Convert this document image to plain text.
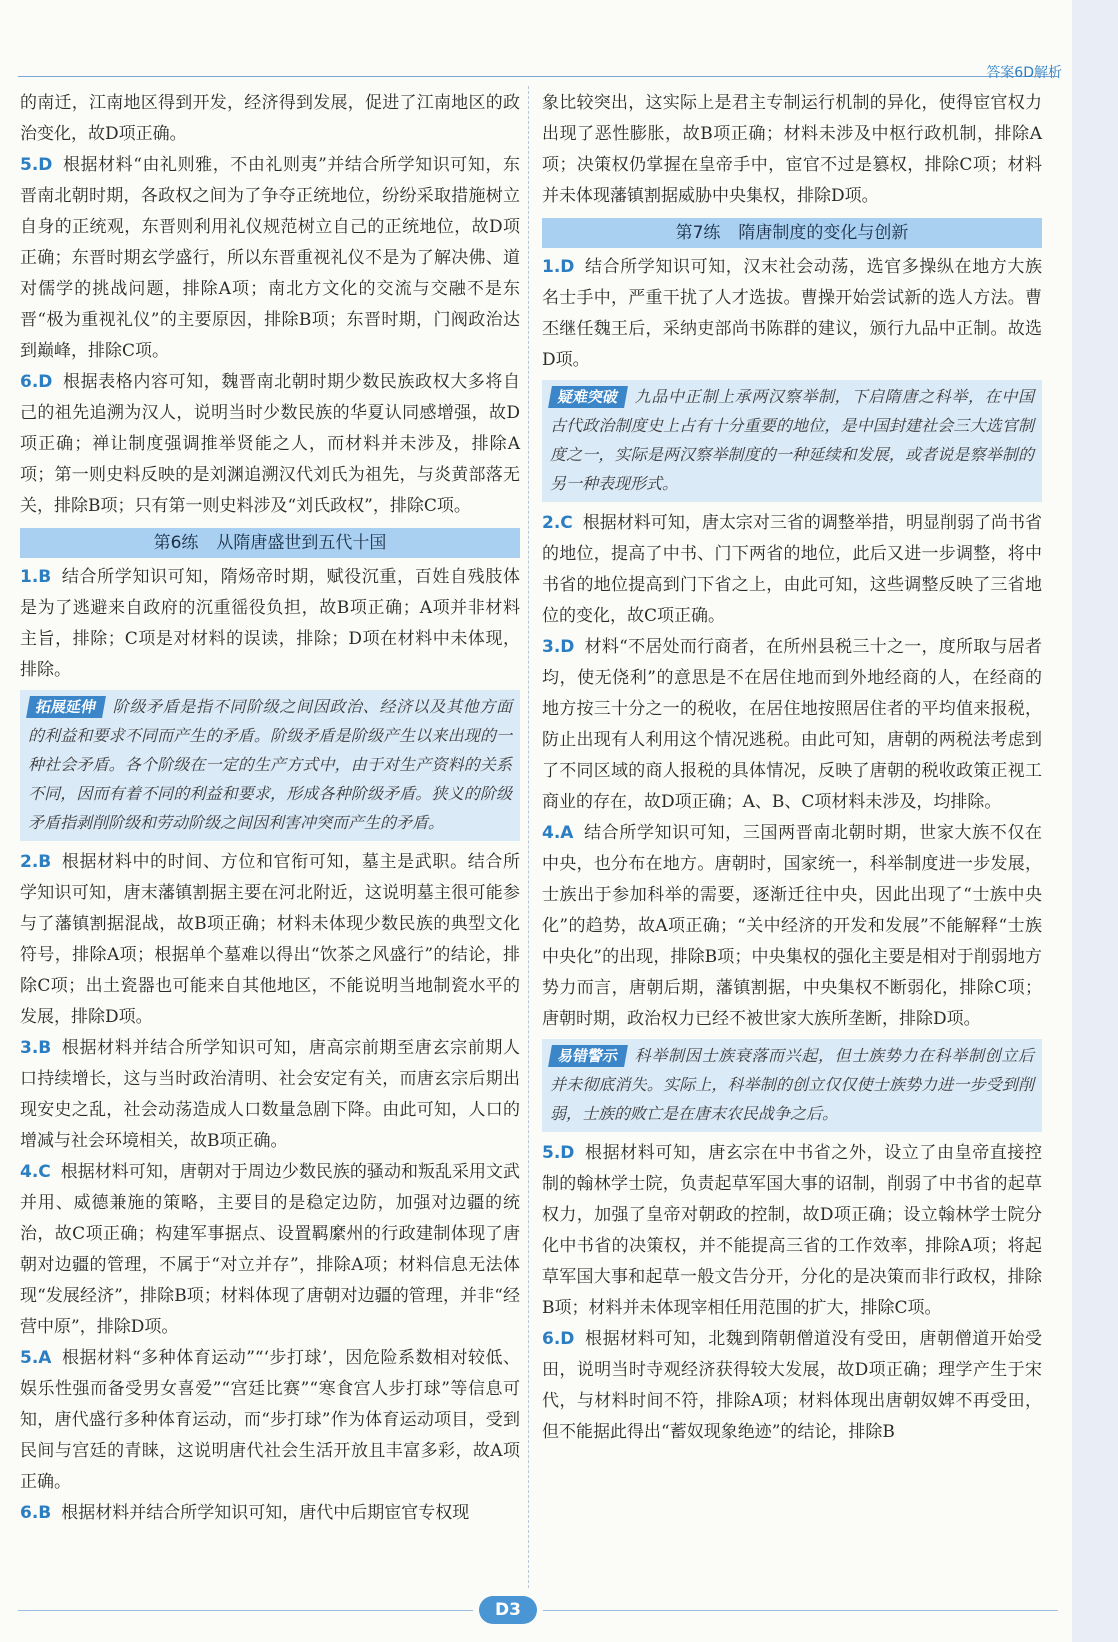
答案6D解析

的南迁，江南地区得到开发，经济得到发展，促进了江南地区的政治变化，故D项正确。

5.D 根据材料“由礼则雅，不由礼则夷”并结合所学知识可知，东晋南北朝时期，各政权之间为了争夺正统地位，纷纷采取措施树立自身的正统观，东晋则利用礼仪规范树立自己的正统地位，故D项正确；东晋时期玄学盛行，所以东晋重视礼仪不是为了解决佛、道对儒学的挑战问题，排除A项；南北方文化的交流与交融不是东晋“极为重视礼仪”的主要原因，排除B项；东晋时期，门阀政治达到巅峰，排除C项。

6.D 根据表格内容可知，魏晋南北朝时期少数民族政权大多将自己的祖先追溯为汉人，说明当时少数民族的华夏认同感增强，故D项正确；禅让制度强调推举贤能之人，而材料并未涉及，排除A项；第一则史料反映的是刘渊追溯汉代刘氏为祖先，与炎黄部落无关，排除B项；只有第一则史料涉及“刘氏政权”，排除C项。

第6练 从隋唐盛世到五代十国

1.B 结合所学知识可知，隋炀帝时期，赋役沉重，百姓自残肢体是为了逃避来自政府的沉重徭役负担，故B项正确；A项并非材料主旨，排除；C项是对材料的误读，排除；D项在材料中未体现，排除。

拓展延伸 阶级矛盾是指不同阶级之间因政治、经济以及其他方面的利益和要求不同而产生的矛盾。阶级矛盾是阶级产生以来出现的一种社会矛盾。各个阶级在一定的生产方式中，由于对生产资料的关系不同，因而有着不同的利益和要求，形成各种阶级矛盾。狭义的阶级矛盾指剥削阶级和劳动阶级之间因利害冲突而产生的矛盾。

2.B 根据材料中的时间、方位和官衔可知，墓主是武职。结合所学知识可知，唐末藩镇割据主要在河北附近，这说明墓主很可能参与了藩镇割据混战，故B项正确；材料未体现少数民族的典型文化符号，排除A项；根据单个墓难以得出“饮茶之风盛行”的结论，排除C项；出土瓷器也可能来自其他地区，不能说明当地制瓷水平的发展，排除D项。

3.B 根据材料并结合所学知识可知，唐高宗前期至唐玄宗前期人口持续增长，这与当时政治清明、社会安定有关，而唐玄宗后期出现安史之乱，社会动荡造成人口数量急剧下降。由此可知，人口的增减与社会环境相关，故B项正确。

4.C 根据材料可知，唐朝对于周边少数民族的骚动和叛乱采用文武并用、威德兼施的策略，主要目的是稳定边防，加强对边疆的统治，故C项正确；构建军事据点、设置羁縻州的行政建制体现了唐朝对边疆的管理，不属于“对立并存”，排除A项；材料信息无法体现“发展经济”，排除B项；材料体现了唐朝对边疆的管理，并非“经营中原”，排除D项。

5.A 根据材料“多种体育运动”“‘步打球’，因危险系数相对较低、娱乐性强而备受男女喜爱”“宫廷比赛”“寒食宫人步打球”等信息可知，唐代盛行多种体育运动，而“步打球”作为体育运动项目，受到民间与宫廷的青睐，这说明唐代社会生活开放且丰富多彩，故A项正确。

6.B 根据材料并结合所学知识可知，唐代中后期宦官专权现

象比较突出，这实际上是君主专制运行机制的异化，使得宦官权力出现了恶性膨胀，故B项正确；材料未涉及中枢行政机制，排除A项；决策权仍掌握在皇帝手中，宦官不过是篡权，排除C项；材料并未体现藩镇割据威胁中央集权，排除D项。

第7练 隋唐制度的变化与创新

1.D 结合所学知识可知，汉末社会动荡，选官多操纵在地方大族名士手中，严重干扰了人才选拔。曹操开始尝试新的选人方法。曹丕继任魏王后，采纳吏部尚书陈群的建议，颁行九品中正制。故选D项。

疑难突破 九品中正制上承两汉察举制，下启隋唐之科举，在中国古代政治制度史上占有十分重要的地位，是中国封建社会三大选官制度之一，实际是两汉察举制度的一种延续和发展，或者说是察举制的另一种表现形式。

2.C 根据材料可知，唐太宗对三省的调整举措，明显削弱了尚书省的地位，提高了中书、门下两省的地位，此后又进一步调整，将中书省的地位提高到门下省之上，由此可知，这些调整反映了三省地位的变化，故C项正确。

3.D 材料“不居处而行商者，在所州县税三十之一，度所取与居者均，使无侥利”的意思是不在居住地而到外地经商的人，在经商的地方按三十分之一的税收，在居住地按照居住者的平均值来报税，防止出现有人利用这个情况逃税。由此可知，唐朝的两税法考虑到了不同区域的商人报税的具体情况，反映了唐朝的税收政策正视工商业的存在，故D项正确；A、B、C项材料未涉及，均排除。

4.A 结合所学知识可知，三国两晋南北朝时期，世家大族不仅在中央，也分布在地方。唐朝时，国家统一，科举制度进一步发展，士族出于参加科举的需要，逐渐迁往中央，因此出现了“士族中央化”的趋势，故A项正确；“关中经济的开发和发展”不能解释“士族中央化”的出现，排除B项；中央集权的强化主要是相对于削弱地方势力而言，唐朝后期，藩镇割据，中央集权不断弱化，排除C项；唐朝时期，政治权力已经不被世家大族所垄断，排除D项。

易错警示 科举制因士族衰落而兴起，但士族势力在科举制创立后并未彻底消失。实际上，科举制的创立仅仅使士族势力进一步受到削弱，士族的败亡是在唐末农民战争之后。

5.D 根据材料可知，唐玄宗在中书省之外，设立了由皇帝直接控制的翰林学士院，负责起草军国大事的诏制，削弱了中书省的起草权力，加强了皇帝对朝政的控制，故D项正确；设立翰林学士院分化中书省的决策权，并不能提高三省的工作效率，排除A项；将起草军国大事和起草一般文告分开，分化的是决策而非行政权，排除B项；材料并未体现宰相任用范围的扩大，排除C项。

6.D 根据材料可知，北魏到隋朝僧道没有受田，唐朝僧道开始受田，说明当时寺观经济获得较大发展，故D项正确；理学产生于宋代，与材料时间不符，排除A项；材料体现出唐朝奴婢不再受田，但不能据此得出“蓄奴现象绝迹”的结论，排除B

D3
